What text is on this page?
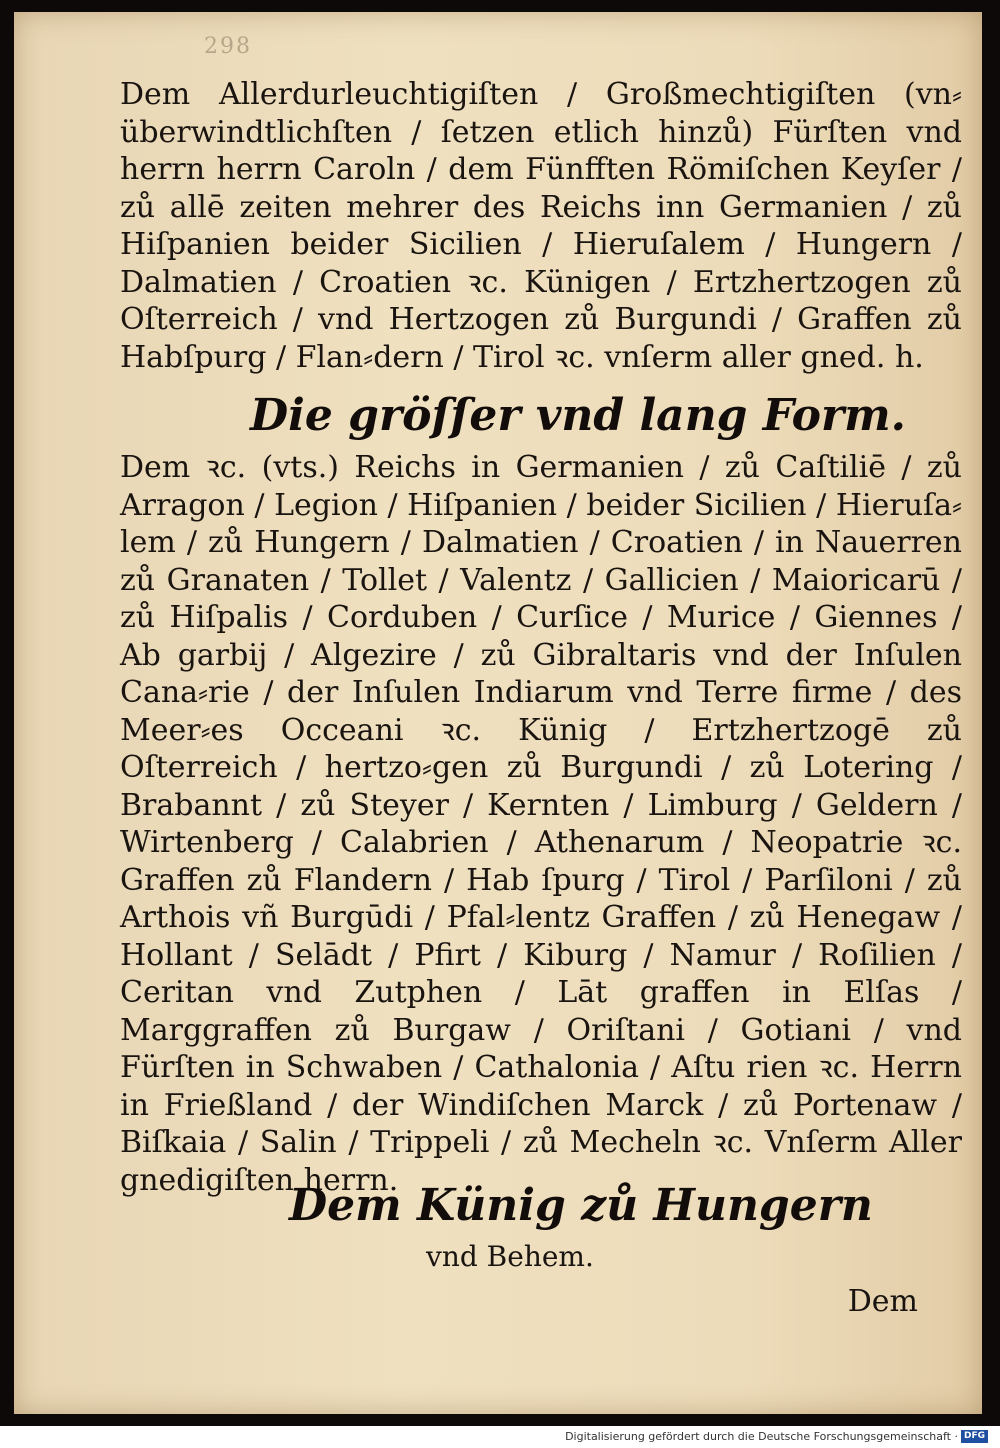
298

Dem Allerdurleuchtigiſten / Großmechtigiſten (vn⸗überwindtlichſten / ſetzen etlich hinzů) Fürſten vnd herrn herrn Caroln / dem Fünfften Römiſchen Keyſer / zů allē zeiten mehrer des Reichs inn Germanien / zů Hiſpanien beider Sicilien / Hieruſalem / Hungern / Dalmatien / Croatien ꝛc. Künigen / Ertzhertzogen zů Oſterreich / vnd Hertzogen zů Burgundi / Graffen zů Habſpurg / Flan⸗dern / Tirol ꝛc. vnſerm aller gned. h.

Die gröſſer vnd lang Form.

Dem ꝛc. (vts.) Reichs in Germanien / zů Caſtiliē / zů Arragon / Legion / Hiſpanien / beider Sicilien / Hieruſa⸗lem / zů Hungern / Dalmatien / Croatien / in Nauerren zů Granaten / Tollet / Valentz / Gallicien / Maioricarū / zů Hiſpalis / Corduben / Curſice / Murice / Giennes / Ab garbij / Algezire / zů Gibraltaris vnd der Inſulen Cana⸗rie / der Inſulen Indiarum vnd Terre firme / des Meer⸗es Occeani ꝛc. Künig / Ertzhertzogē zů Oſterreich / hertzo⸗gen zů Burgundi / zů Lotering / Brabannt / zů Steyer / Kernten / Limburg / Geldern / Wirtenberg / Calabrien / Athenarum / Neopatrie ꝛc. Graffen zů Flandern / Hab ſpurg / Tirol / Parſiloni / zů Arthois vñ Burgūdi / Pfal⸗lentz Graffen / zů Henegaw / Hollant / Selādt / Pfirt / Kiburg / Namur / Roſilien / Ceritan vnd Zutphen / Lāt graffen in Elſas / Marggraffen zů Burgaw / Oriſtani / Gotiani / vnd Fürſten in Schwaben / Cathalonia / Aſtu rien ꝛc. Herrn in Frießland / der Windiſchen Marck / zů Portenaw / Biſkaia / Salin / Trippeli / zů Mecheln ꝛc. Vnſerm Aller gnedigiſten herrn.

Dem Künig zů Hungern

vnd Behem.

Dem

Digitalisierung gefördert durch die Deutsche Forschungsgemeinschaft · DFG
